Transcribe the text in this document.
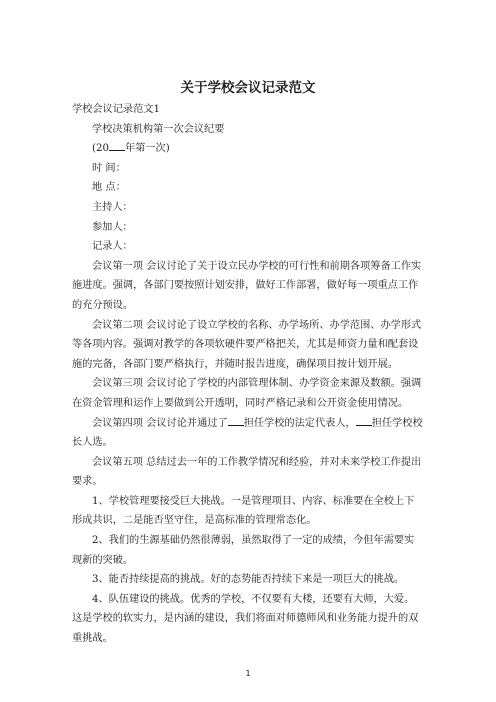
关于学校会议记录范文

学校会议记录范文1

学校决策机构第一次会议纪要

(20 年第一次)

时 间：

地 点：

主持人：

参加人：

记录人：

会议第一项 会议讨论了关于设立民办学校的可行性和前期各项筹备工作实施进度。强调，各部门要按照计划安排，做好工作部署，做好每一项重点工作的充分预设。

会议第二项 会议讨论了设立学校的名称、办学场所、办学范围、办学形式等各项内容。强调对教学的各项软硬件要严格把关，尤其是师资力量和配套设施的完备，各部门要严格执行，并随时报告进度，确保项目按计划开展。

会议第三项 会议讨论了学校的内部管理体制、办学资金来源及数额。强调在资金管理和运作上要做到公开透明，同时严格记录和公开资金使用情况。

会议第四项 会议讨论并通过了 担任学校的法定代表人， 担任学校校长人选。

会议第五项 总结过去一年的工作教学情况和经验，并对未来学校工作提出要求。

1、学校管理要接受巨大挑战。一是管理项目、内容、标准要在全校上下形成共识，二是能否坚守住，是高标准的管理常态化。

2、我们的生源基础仍然很薄弱，虽然取得了一定的成绩，今但年需要实现新的突破。

3、能否持续提高的挑战。好的态势能否持续下来是一项巨大的挑战。

4、队伍建设的挑战。优秀的学校，不仅要有大楼，还要有大师，大爱。这是学校的软实力，是内涵的建设，我们将面对师德师风和业务能力提升的双重挑战。

1
